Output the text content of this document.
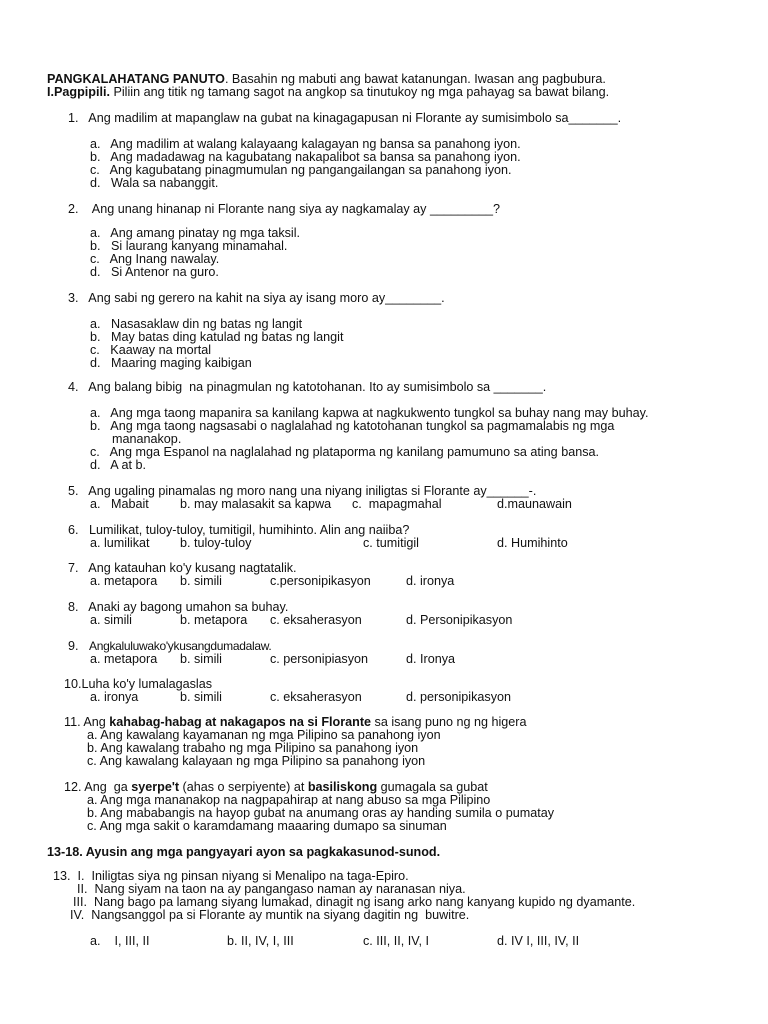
PANGKALAHATANG PANUTO. Basahin ng mabuti ang bawat katanungan. Iwasan ang pagbubura.
I.Pagpipili. Piliin ang titik ng tamang sagot na angkop sa tinutukoy ng mga pahayag sa bawat bilang.
1.   Ang madilim at mapanglaw na gubat na kinagagapusan ni Florante ay sumisimbolo sa_______.
a.   Ang madilim at walang kalayaang kalagayan ng bansa sa panahong iyon.
b.   Ang madadawag na kagubatang nakapalibot sa bansa sa panahong iyon.
c.   Ang kagubatang pinagmumulan ng pangangailangan sa panahong iyon.
d.   Wala sa nabanggit.
2.    Ang unang hinanap ni Florante nang siya ay nagkamalay ay _________?
a.   Ang amang pinatay ng mga taksil.
b.   Si laurang kanyang minamahal.
c.   Ang Inang nawalay.
d.   Si Antenor na guro.
3.   Ang sabi ng gerero na kahit na siya ay isang moro ay________.
a.   Nasasaklaw din ng batas ng langit
b.   May batas ding katulad ng batas ng langit
c.   Kaaway na mortal
d.   Maaring maging kaibigan
4.   Ang balang bibig  na pinagmulan ng katotohanan. Ito ay sumisimbolo sa _______.
a.   Ang mga taong mapanira sa kanilang kapwa at nagkukwento tungkol sa buhay nang may buhay.
b.   Ang mga taong nagsasabi o naglalahad ng katotohanan tungkol sa pagmamalabis ng mga
mananakop.
c.   Ang mga Espanol na naglalahad ng plataporma ng kanilang pamumuno sa ating bansa.
d.   A at b.
5.   Ang ugaling pinamalas ng moro nang una niyang iniligtas si Florante ay______-.
a.   Mabait b. may malasakit sa kapwa c.  mapagmahal	d.maunawain
6.   Lumilikat, tuloy-tuloy, tumitigil, humihinto. Alin ang naiiba?
a. lumilikat b. tuloy-tuloy	c. tumitigil	d. Humihinto
7.   Ang katauhan ko'y kusang nagtatalik.
a. metapora b. simili	c.personipikasyon	d. ironya
8.   Anaki ay bagong umahon sa buhay.
a. simili	b. metapora c. eksaherasyon	d. Personipikasyon
9.   Angkaluluwako'ykusangdumadalaw.
a. metapora b. simili	c. personipiasyon	d. Ironya
10.Luha ko'y lumalagaslas
a. ironya	b. simili	c. eksaherasyon	d. personipikasyon
11. Ang kahabag-habag at nakagapos na si Florante sa isang puno ng ng higera
a. Ang kawalang kayamanan ng mga Pilipino sa panahong iyon
b. Ang kawalang trabaho ng mga Pilipino sa panahong iyon
c. Ang kawalang kalayaan ng mga Pilipino sa panahong iyon
12. Ang  ga syerpe't (ahas o serpiyente) at basiliskong gumagala sa gubat
a. Ang mga mananakop na nagpapahirap at nang abuso sa mga Pilipino
b. Ang mababangis na hayop gubat na anumang oras ay handing sumila o pumatay
c. Ang mga sakit o karamdamang maaaring dumapo sa sinuman
13-18. Ayusin ang mga pangyayari ayon sa pagkakasunod-sunod.
13.  I.  Iniligtas siya ng pinsan niyang si Menalipo na taga-Epiro.
II.  Nang siyam na taon na ay pangangaso naman ay naranasan niya.
III.  Nang bago pa lamang siyang lumakad, dinagit ng isang arko nang kanyang kupido ng dyamante.
IV.  Nangsanggol pa si Florante ay muntik na siyang dagitin ng  buwitre.
a.    I, III, II	b. II, IV, I, III	c. III, II, IV, I	d. IV I, III, IV, II
